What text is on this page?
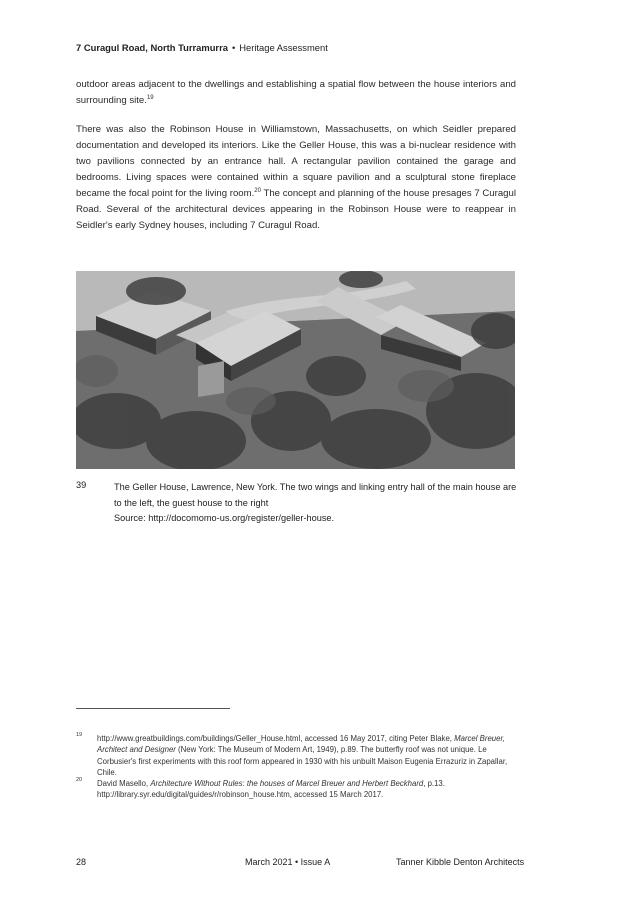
7 Curagul Road, North Turramurra • Heritage Assessment
outdoor areas adjacent to the dwellings and establishing a spatial flow between the house interiors and surrounding site.$^{19}$
There was also the Robinson House in Williamstown, Massachusetts, on which Seidler prepared documentation and developed its interiors. Like the Geller House, this was a bi-nuclear residence with two pavilions connected by an entrance hall. A rectangular pavilion contained the garage and bedrooms. Living spaces were contained within a square pavilion and a sculptural stone fireplace became the focal point for the living room.$^{20}$ The concept and planning of the house presages 7 Curagul Road. Several of the architectural devices appearing in the Robinson House were to reappear in Seidler's early Sydney houses, including 7 Curagul Road.
39	The Geller House, Lawrence, New York. The two wings and linking entry hall of the main house are to the left, the guest house to the right
Source: http://docomomo-us.org/register/geller-house.
19 http://www.greatbuildings.com/buildings/Geller_House.html, accessed 16 May 2017, citing Peter Blake, Marcel Breuer, Architect and Designer (New York: The Museum of Modern Art, 1949), p.89. The butterfly roof was not unique. Le Corbusier's first experiments with this roof form appeared in 1930 with his unbuilt Maison Eugenia Errazuriz in Zapallar, Chile.
20 David Masello, Architecture Without Rules: the houses of Marcel Breuer and Herbert Beckhard, p.13. http://library.syr.edu/digital/guides/r/robinson_house.htm, accessed 15 March 2017.
28	March 2021 • Issue A	Tanner Kibble Denton Architects
